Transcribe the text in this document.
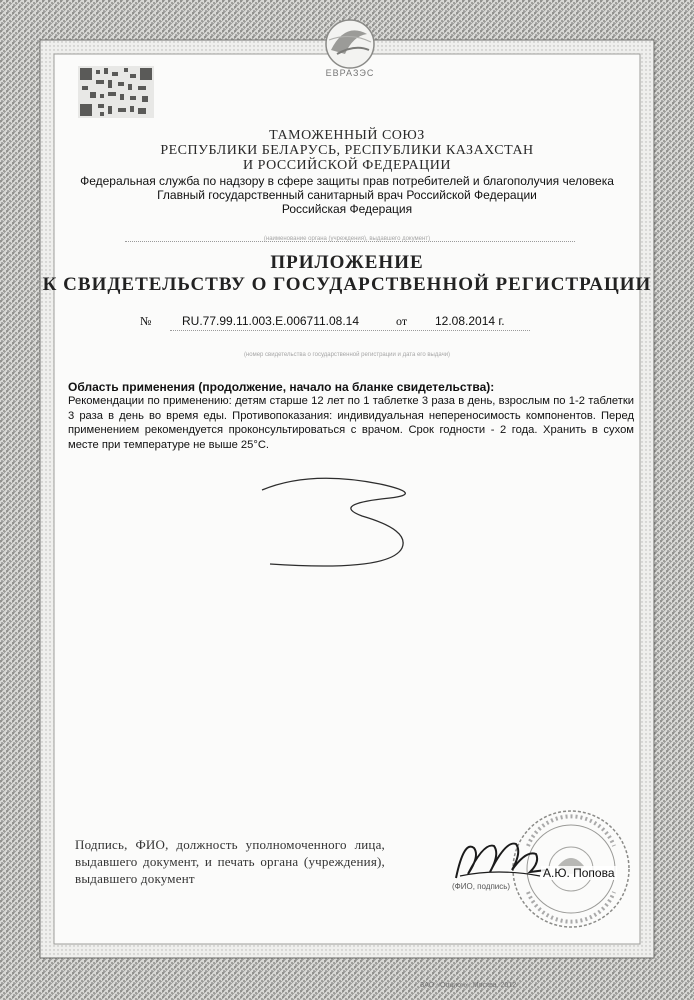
ЕВРАЗЭС
ТАМОЖЕННЫЙ СОЮЗ
РЕСПУБЛИКИ БЕЛАРУСЬ, РЕСПУБЛИКИ КАЗАХСТАН
И РОССИЙСКОЙ ФЕДЕРАЦИИ
Федеральная служба по надзору в сфере защиты прав потребителей и благополучия человека
Главный государственный санитарный врач Российской Федерации
Российская Федерация
(наименование органа (учреждения), выдавшего документ)
ПРИЛОЖЕНИЕ
К СВИДЕТЕЛЬСТВУ О ГОСУДАРСТВЕННОЙ РЕГИСТРАЦИИ
№	RU.77.99.11.003.E.006711.08.14	от 12.08.2014 г.
(номер свидетельства о государственной регистрации и дата его выдачи)
Область применения (продолжение, начало на бланке свидетельства):
Рекомендации по применению: детям старше 12 лет по 1 таблетке 3 раза в день, взрослым по 1-2 таблетки 3 раза в день во время еды. Противопоказания: индивидуальная непереносимость компонентов. Перед применением рекомендуется проконсультироваться с врачом. Срок годности - 2 года. Хранить в сухом месте при температуре не выше 25°С.
Подпись, ФИО, должность уполномоченного лица, выдавшего документ, и печать органа (учреждения), выдавшего документ	А.Ю. Попова
(ФИО, подпись)
ЗАО «Опцион», Москва, 2012
